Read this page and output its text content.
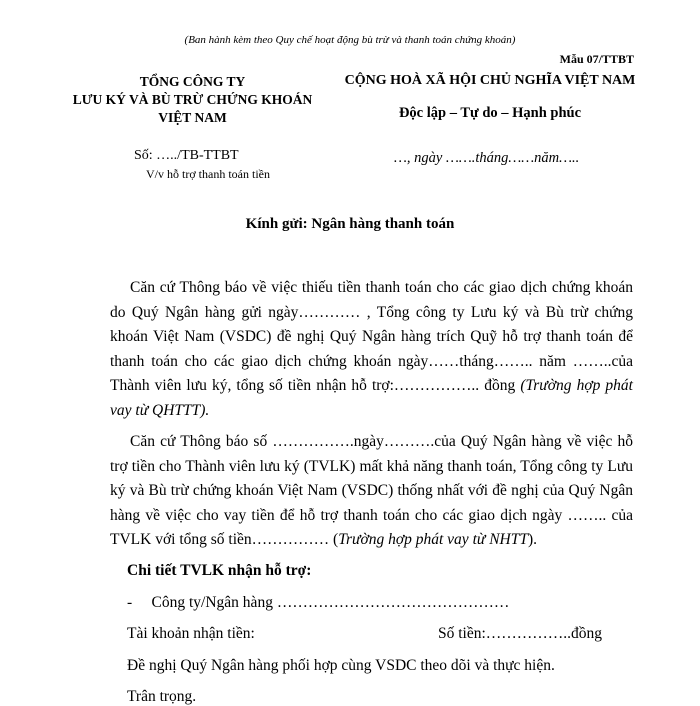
(Ban hành kèm theo Quy chế hoạt động bù trừ và thanh toán chứng khoán)
Mẫu 07/TTBT
TỔNG CÔNG TY
LƯU KÝ VÀ BÙ TRỪ CHỨNG KHOÁN
VIỆT NAM
CỘNG HOÀ XÃ HỘI CHỦ NGHĨA VIỆT NAM
Độc lập – Tự do – Hạnh phúc
Số: …../TB-TTBT
V/v hỗ trợ thanh toán tiền
…, ngày …….tháng……năm…..
Kính gửi: Ngân hàng thanh toán
Căn cứ Thông báo về việc thiếu tiền thanh toán cho các giao dịch chứng khoán do Quý Ngân hàng gửi ngày………… , Tổng công ty Lưu ký và Bù trừ chứng khoán Việt Nam (VSDC) đề nghị Quý Ngân hàng trích Quỹ hỗ trợ thanh toán để thanh toán cho các giao dịch chứng khoán ngày……tháng…….. năm ……..của Thành viên lưu ký, tổng số tiền nhận hỗ trợ:…………….. đồng (Trường hợp phát vay từ QHTTT).
Căn cứ Thông báo số …………….ngày……….của Quý Ngân hàng về việc hỗ trợ tiền cho Thành viên lưu ký (TVLK) mất khả năng thanh toán, Tổng công ty Lưu ký và Bù trừ chứng khoán Việt Nam (VSDC) thống nhất với đề nghị của Quý Ngân hàng về việc cho vay tiền để hỗ trợ thanh toán cho các giao dịch ngày …….. của TVLK với tổng số tiền…………… (Trường hợp phát vay từ NHTT).
Chi tiết TVLK nhận hỗ trợ:
-     Công ty/Ngân hàng ………………………………………
Tài khoản nhận tiền:	Số tiền:……………..đồng
Đề nghị Quý Ngân hàng phối hợp cùng VSDC theo dõi và thực hiện.
Trân trọng.
